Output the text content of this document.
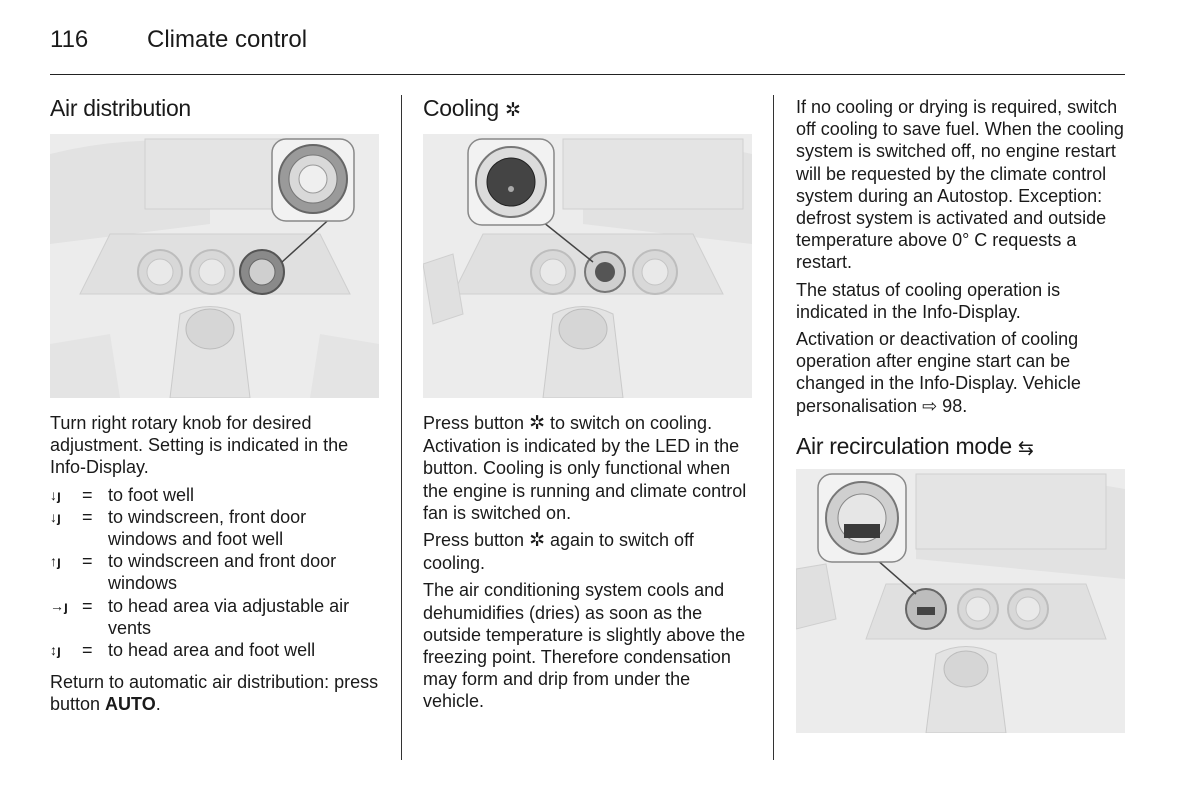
116 Climate control
Air distribution

Turn right rotary knob for desired adjustment. Setting is indicated in the Info-Display.

↓ȷ	= to foot well
↓ȷ	= to windscreen, front door windows and foot well
↑ȷ	= to windscreen and front door windows
→ȷ = to head area via adjustable air vents
↕ȷ	= to head area and foot well

Return to automatic air distribution: press button AUTO.

Cooling ✲

Press button ✲ to switch on cooling. Activation is indicated by the LED in the button. Cooling is only functional when the engine is running and climate control fan is switched on.

Press button ✲ again to switch off cooling.

The air conditioning system cools and dehumidifies (dries) as soon as the outside temperature is slightly above the freezing point. Therefore condensation may form and drip from under the vehicle.

If no cooling or drying is required, switch off cooling to save fuel. When the cooling system is switched off, no engine restart will be requested by the climate control system during an Autostop. Exception: defrost system is activated and outside temperature above 0° C requests a restart.

The status of cooling operation is indicated in the Info-Display.

Activation or deactivation of cooling operation after engine start can be changed in the Info-Display. Vehicle personalisation ⇨ 98.

Air recirculation mode ⇆
